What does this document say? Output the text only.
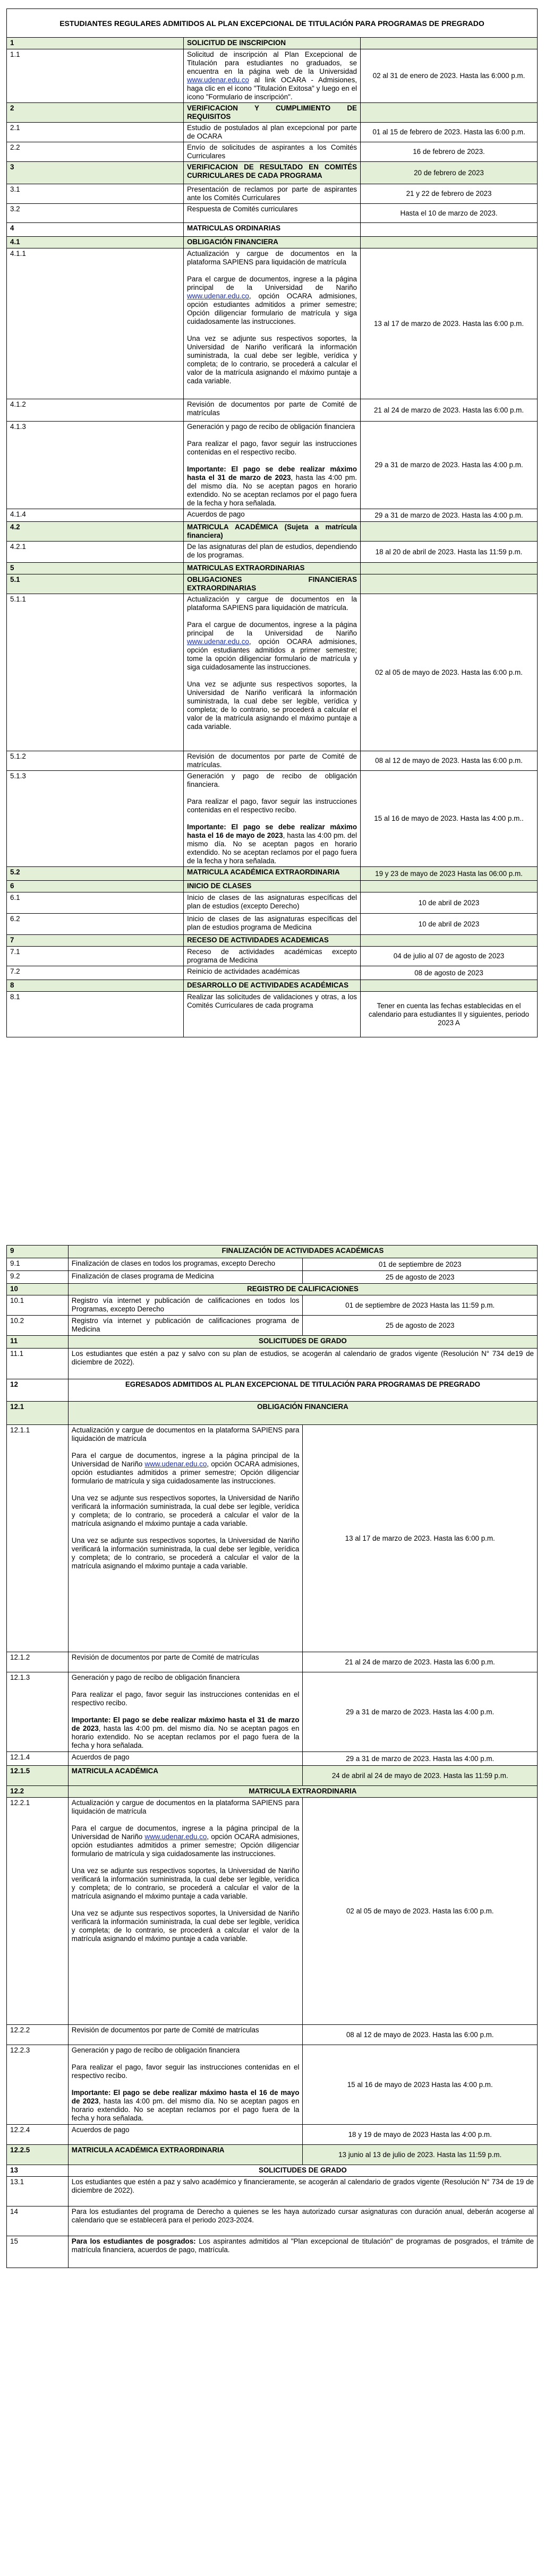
ESTUDIANTES REGULARES ADMITIDOS AL PLAN EXCEPCIONAL DE TITULACIÓN PARA PROGRAMAS DE PREGRADO		
1	SOLICITUD DE INSCRIPCION	
1.1	Solicitud de inscripción al Plan Excepcional de Titulación para estudiantes no graduados, se encuentra en la página web de la Universidad www.udenar.edu.co al link OCARA - Admisiones, haga clic en el icono "Titulación Exitosa" y luego en el icono "Formulario de inscripción".	02 al 31 de enero de 2023. Hasta las 6:000 p.m.
2	VERIFICACION Y CUMPLIMIENTO DE REQUISITOS	
2.1	Estudio de postulados al plan excepcional por parte de OCARA	01 al 15 de febrero de 2023. Hasta las 6:00 p.m.
2.2	Envío de solicitudes de aspirantes a los Comités Curriculares	16 de febrero de 2023.
3	VERIFICACION DE RESULTADO EN COMITÉS CURRICULARES DE CADA PROGRAMA	20 de febrero de 2023
3.1	Presentación de reclamos por parte de aspirantes ante los Comités Curriculares	21 y 22 de febrero de 2023
3.2	Respuesta de Comités curriculares	Hasta el 10 de marzo de 2023.
4	MATRICULAS ORDINARIAS	
4.1	OBLIGACIÓN FINANCIERA	
4.1.1	Actualización y cargue de documentos en la plataforma SAPIENS para liquidación de matrícula

Para el cargue de documentos, ingrese a la página principal de la Universidad de Nariño www.udenar.edu.co, opción OCARA admisiones, opción estudiantes admitidos a primer semestre; Opción diligenciar formulario de matrícula y siga cuidadosamente las instrucciones.

Una vez se adjunte sus respectivos soportes, la Universidad de Nariño verificará la información suministrada, la cual debe ser legible, verídica y completa; de lo contrario, se procederá a calcular el valor de la matrícula asignando el máximo puntaje a cada variable.	13 al 17 de marzo de 2023. Hasta las 6:00 p.m.
4.1.2	Revisión de documentos por parte de Comité de matrículas	21 al 24 de marzo de 2023. Hasta las 6:00 p.m.
4.1.3	Generación y pago de recibo de obligación financiera

Para realizar el pago, favor seguir las instrucciones contenidas en el respectivo recibo.

Importante: El pago se debe realizar máximo hasta el 31 de marzo de 2023, hasta las 4:00 pm. del mismo día. No se aceptan pagos en horario extendido. No se aceptan reclamos por el pago fuera de la fecha y hora señalada.	29 a 31 de marzo de 2023. Hasta las 4:00 p.m.
4.1.4	Acuerdos de pago	29 a 31 de marzo de 2023. Hasta las 4:00 p.m.
4.2	MATRICULA ACADÉMICA (Sujeta a matrícula financiera)	
4.2.1	De las asignaturas del plan de estudios, dependiendo de los programas.	18 al 20 de abril de 2023. Hasta las 11:59 p.m.
5	MATRICULAS EXTRAORDINARIAS	
5.1	OBLIGACIONES FINANCIERAS EXTRAORDINARIAS	
5.1.1	Actualización y cargue de documentos en la plataforma SAPIENS para liquidación de matrícula.

Para el cargue de documentos, ingrese a la página principal de la Universidad de Nariño www.udenar.edu.co, opción OCARA admisiones, opción estudiantes admitidos a primer semestre; tome la opción diligenciar formulario de matrícula y siga cuidadosamente las instrucciones.

Una vez se adjunte sus respectivos soportes, la Universidad de Nariño verificará la información suministrada, la cual debe ser legible, verídica y completa; de lo contrario, se procederá a calcular el valor de la matrícula asignando el máximo puntaje a cada variable.	02 al 05 de mayo de 2023. Hasta las 6:00 p.m.
5.1.2	Revisión de documentos por parte de Comité de matrículas.	08 al 12 de mayo de 2023. Hasta las 6:00 p.m.
5.1.3	Generación y pago de recibo de obligación financiera.

Para realizar el pago, favor seguir las instrucciones contenidas en el respectivo recibo.

Importante: El pago se debe realizar máximo hasta el 16 de mayo de 2023, hasta las 4:00 pm. del mismo día. No se aceptan pagos en horario extendido. No se aceptan reclamos por el pago fuera de la fecha y hora señalada.	15 al 16 de mayo de 2023. Hasta las 4:00 p.m..
5.2	MATRICULA ACADÉMICA EXTRAORDINARIA	19 y 23 de mayo de 2023 Hasta las 06:00 p.m.
6	INICIO DE CLASES	
6.1	Inicio de clases de las asignaturas específicas del plan de estudios (excepto Derecho)	10 de abril de 2023
6.2	Inicio de clases de las asignaturas específicas del plan de estudios programa de Medicina	10 de abril de 2023
7	RECESO DE ACTIVIDADES ACADEMICAS	
7.1	Receso de actividades académicas excepto programa de Medicina	04 de julio al 07 de agosto de 2023
7.2	Reinicio de actividades académicas	08 de agosto de 2023
8	DESARROLLO DE ACTIVIDADES ACADÉMICAS	
8.1	Realizar las solicitudes de validaciones y otras, a los Comités Curriculares de cada programa	Tener en cuenta las fechas establecidas en el calendario para estudiantes II y siguientes, periodo 2023 A
9	FINALIZACIÓN DE ACTIVIDADES ACADÉMICAS	
9.1	Finalización de clases en todos los programas, excepto Derecho	01 de septiembre de 2023
9.2	Finalización de clases programa de Medicina	25 de agosto de 2023
10	REGISTRO DE CALIFICACIONES	
10.1	Registro vía internet y publicación de calificaciones en todos los Programas, excepto Derecho	01 de septiembre de 2023 Hasta las 11:59 p.m.
10.2	Registro vía internet y publicación de calificaciones programa de Medicina	25 de agosto de 2023
11	SOLICITUDES DE GRADO	
11.1	Los estudiantes que estén a paz y salvo con su plan de estudios, se acogerán al calendario de grados vigente (Resolución N° 734 de19 de diciembre de 2022).	
12	EGRESADOS ADMITIDOS AL PLAN EXCEPCIONAL DE TITULACIÓN PARA PROGRAMAS DE PREGRADO	
12.1	OBLIGACIÓN FINANCIERA	
12.1.1	Actualización y cargue de documentos en la plataforma SAPIENS para liquidación de matrícula

Para el cargue de documentos, ingrese a la página principal de la Universidad de Nariño www.udenar.edu.co, opción OCARA admisiones, opción estudiantes admitidos a primer semestre; Opción diligenciar formulario de matrícula y siga cuidadosamente las instrucciones.

Una vez se adjunte sus respectivos soportes, la Universidad de Nariño verificará la información suministrada, la cual debe ser legible, verídica y completa; de lo contrario, se procederá a calcular el valor de la matrícula asignando el máximo puntaje a cada variable.

Una vez se adjunte sus respectivos soportes, la Universidad de Nariño verificará la información suministrada, la cual debe ser legible, verídica y completa; de lo contrario, se procederá a calcular el valor de la matrícula asignando el máximo puntaje a cada variable.	13 al 17 de marzo de 2023. Hasta las 6:00 p.m.
12.1.2	Revisión de documentos por parte de Comité de matrículas	21 al 24 de marzo de 2023. Hasta las 6:00 p.m.
12.1.3	Generación y pago de recibo de obligación financiera

Para realizar el pago, favor seguir las instrucciones contenidas en el respectivo recibo.

Importante: El pago se debe realizar máximo hasta el 31 de marzo de 2023, hasta las 4:00 pm. del mismo día. No se aceptan pagos en horario extendido. No se aceptan reclamos por el pago fuera de la fecha y hora señalada.	29 a 31 de marzo de 2023. Hasta las 4:00 p.m.
12.1.4	Acuerdos de pago	29 a 31 de marzo de 2023. Hasta las 4:00 p.m.
12.1.5	MATRICULA ACADÉMICA	24 de abril al 24 de mayo de 2023. Hasta las 11:59 p.m.
12.2	MATRICULA EXTRAORDINARIA	
12.2.1	Actualización y cargue de documentos en la plataforma SAPIENS para liquidación de matrícula

Para el cargue de documentos, ingrese a la página principal de la Universidad de Nariño www.udenar.edu.co, opción OCARA admisiones, opción estudiantes admitidos a primer semestre; Opción diligenciar formulario de matrícula y siga cuidadosamente las instrucciones.

Una vez se adjunte sus respectivos soportes, la Universidad de Nariño verificará la información suministrada, la cual debe ser legible, verídica y completa; de lo contrario, se procederá a calcular el valor de la matrícula asignando el máximo puntaje a cada variable.

Una vez se adjunte sus respectivos soportes, la Universidad de Nariño verificará la información suministrada, la cual debe ser legible, verídica y completa; de lo contrario, se procederá a calcular el valor de la matrícula asignando el máximo puntaje a cada variable.	02 al 05 de mayo de 2023. Hasta las 6:00 p.m.
12.2.2	Revisión de documentos por parte de Comité de matrículas	08 al 12 de mayo de 2023. Hasta las 6:00 p.m.
12.2.3	Generación y pago de recibo de obligación financiera

Para realizar el pago, favor seguir las instrucciones contenidas en el respectivo recibo.

Importante: El pago se debe realizar máximo hasta el 16 de mayo de 2023, hasta las 4:00 pm. del mismo día. No se aceptan pagos en horario extendido. No se aceptan reclamos por el pago fuera de la fecha y hora señalada.	15 al 16 de mayo de 2023 Hasta las 4:00 p.m.
12.2.4	Acuerdos de pago	18 y 19 de mayo de 2023 Hasta las 4:00 p.m.
12.2.5	MATRICULA ACADÉMICA EXTRAORDINARIA	13 junio al 13 de julio de 2023. Hasta las 11:59 p.m.
13	SOLICITUDES DE GRADO	
13.1	Los estudiantes que estén a paz y salvo académico y financieramente, se acogerán al calendario de grados vigente (Resolución N° 734 de 19 de diciembre de 2022).	
14	Para los estudiantes del programa de Derecho a quienes se les haya autorizado cursar asignaturas con duración anual, deberán acogerse al calendario que se establecerá para el periodo 2023-2024.	
15	Para los estudiantes de posgrados: Los aspirantes admitidos al "Plan excepcional de titulación" de programas de posgrados, el trámite de matrícula financiera, acuerdos de pago, matrícula.	
